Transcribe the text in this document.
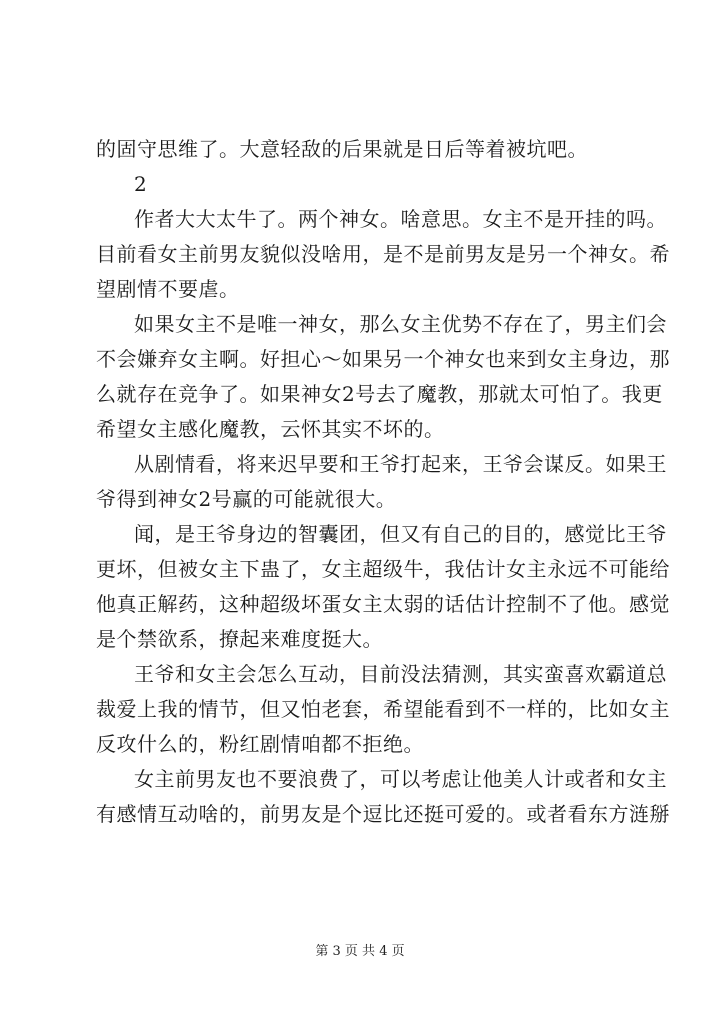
的固守思维了。大意轻敌的后果就是日后等着被坑吧。
2
作者大大太牛了。两个神女。啥意思。女主不是开挂的吗。
目前看女主前男友貌似没啥用，是不是前男友是另一个神女。希
望剧情不要虐。
如果女主不是唯一神女，那么女主优势不存在了，男主们会
不会嫌弃女主啊。好担心～如果另一个神女也来到女主身边，那
么就存在竞争了。如果神女2号去了魔教，那就太可怕了。我更
希望女主感化魔教，云怀其实不坏的。
从剧情看，将来迟早要和王爷打起来，王爷会谋反。如果王
爷得到神女2号赢的可能就很大。
闻，是王爷身边的智囊团，但又有自己的目的，感觉比王爷
更坏，但被女主下蛊了，女主超级牛，我估计女主永远不可能给
他真正解药，这种超级坏蛋女主太弱的话估计控制不了他。感觉
是个禁欲系，撩起来难度挺大。
王爷和女主会怎么互动，目前没法猜测，其实蛮喜欢霸道总
裁爱上我的情节，但又怕老套，希望能看到不一样的，比如女主
反攻什么的，粉红剧情咱都不拒绝。
女主前男友也不要浪费了，可以考虑让他美人计或者和女主
有感情互动啥的，前男友是个逗比还挺可爱的。或者看东方涟掰

第 3 页 共 4 页
